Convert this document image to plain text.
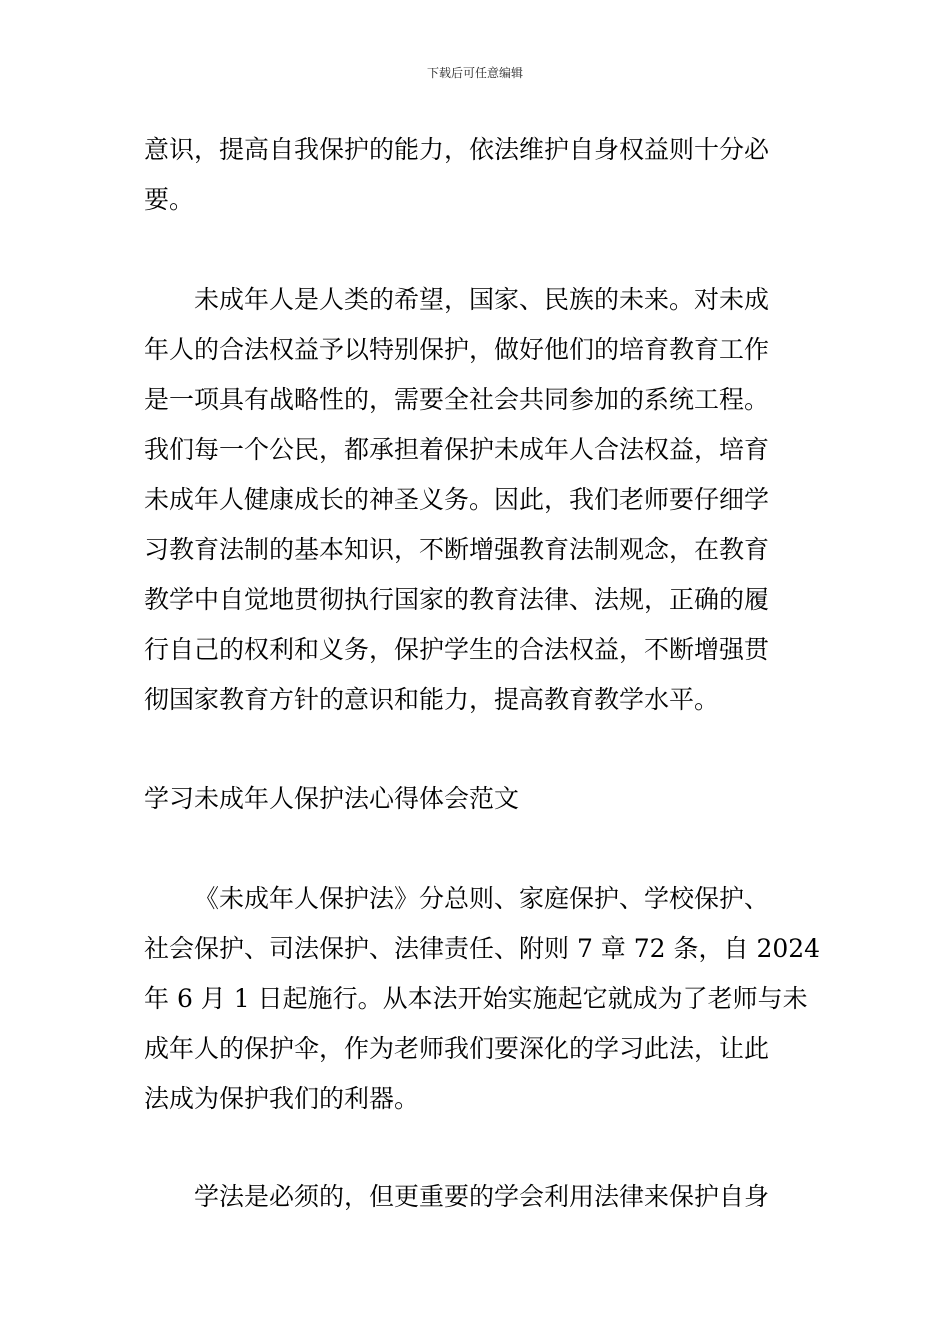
下载后可任意编辑
意识，提高自我保护的能力，依法维护自身权益则十分必
要。
未成年人是人类的希望，国家、民族的未来。对未成
年人的合法权益予以特别保护，做好他们的培育教育工作
是一项具有战略性的，需要全社会共同参加的系统工程。
我们每一个公民，都承担着保护未成年人合法权益，培育
未成年人健康成长的神圣义务。因此，我们老师要仔细学
习教育法制的基本知识，不断增强教育法制观念，在教育
教学中自觉地贯彻执行国家的教育法律、法规，正确的履
行自己的权利和义务，保护学生的合法权益，不断增强贯
彻国家教育方针的意识和能力，提高教育教学水平。
学习未成年人保护法心得体会范文
《未成年人保护法》分总则、家庭保护、学校保护、
社会保护、司法保护、法律责任、附则 7 章 72 条，自 2024
年 6 月 1 日起施行。从本法开始实施起它就成为了老师与未
成年人的保护伞，作为老师我们要深化的学习此法，让此
法成为保护我们的利器。
学法是必须的，但更重要的学会利用法律来保护自身
